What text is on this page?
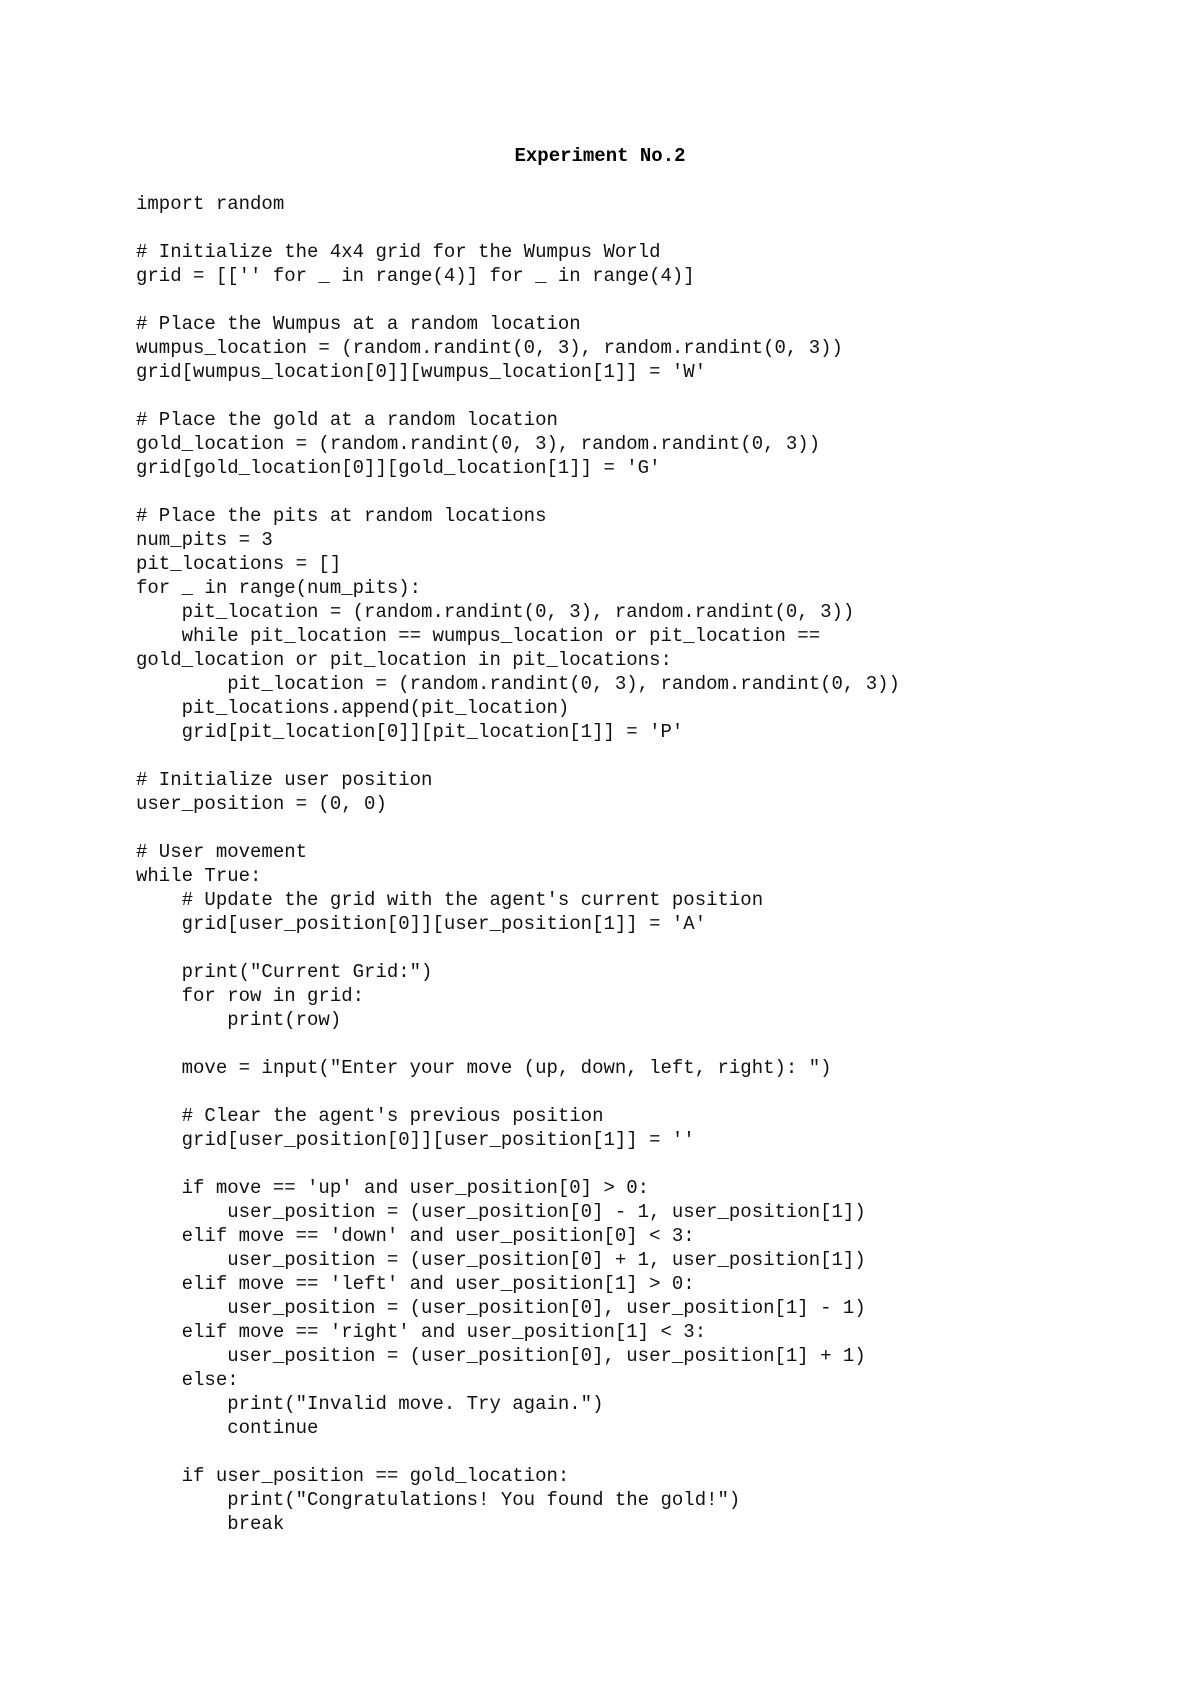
Experiment No.2
import random
# Initialize the 4x4 grid for the Wumpus World
grid = [['' for _ in range(4)] for _ in range(4)]
# Place the Wumpus at a random location
wumpus_location = (random.randint(0, 3), random.randint(0, 3))
grid[wumpus_location[0]][wumpus_location[1]] = 'W'
# Place the gold at a random location
gold_location = (random.randint(0, 3), random.randint(0, 3))
grid[gold_location[0]][gold_location[1]] = 'G'
# Place the pits at random locations
num_pits = 3
pit_locations = []
for _ in range(num_pits):
pit_location = (random.randint(0, 3), random.randint(0, 3))
while pit_location == wumpus_location or pit_location ==
gold_location or pit_location in pit_locations:
pit_location = (random.randint(0, 3), random.randint(0, 3))
pit_locations.append(pit_location)
grid[pit_location[0]][pit_location[1]] = 'P'
# Initialize user position
user_position = (0, 0)
# User movement
while True:
# Update the grid with the agent's current position
grid[user_position[0]][user_position[1]] = 'A'
print("Current Grid:")
for row in grid:
print(row)
move = input("Enter your move (up, down, left, right): ")
# Clear the agent's previous position
grid[user_position[0]][user_position[1]] = ''
if move == 'up' and user_position[0] > 0:
user_position = (user_position[0] - 1, user_position[1])
elif move == 'down' and user_position[0] < 3:
user_position = (user_position[0] + 1, user_position[1])
elif move == 'left' and user_position[1] > 0:
user_position = (user_position[0], user_position[1] - 1)
elif move == 'right' and user_position[1] < 3:
user_position = (user_position[0], user_position[1] + 1)
else:
print("Invalid move. Try again.")
continue
if user_position == gold_location:
print("Congratulations! You found the gold!")
break
